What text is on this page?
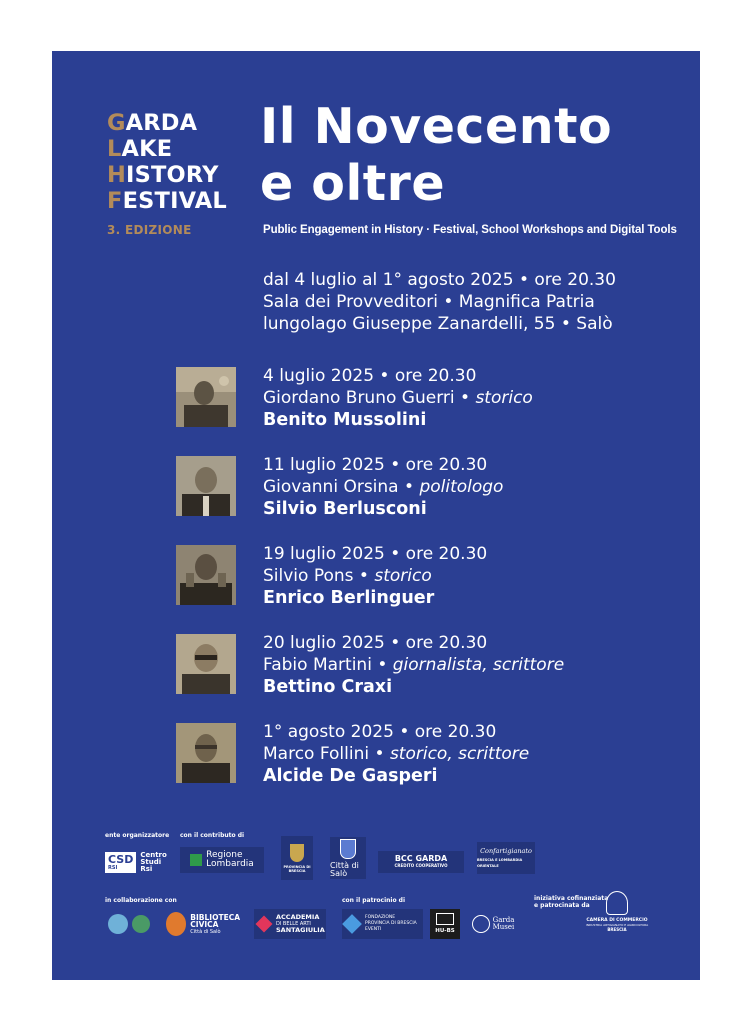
GARDA
LAKE
HISTORY
FESTIVAL
3. EDIZIONE
Il Novecento
e oltre
Public Engagement in History · Festival, School Workshops and Digital Tools
dal 4 luglio al 1° agosto 2025 • ore 20.30
Sala dei Provveditori • Magnifica Patria
lungolago Giuseppe Zanardelli, 55 • Salò
4 luglio 2025 • ore 20.30
Giordano Bruno Guerri • storico
Benito Mussolini
11 luglio 2025 • ore 20.30
Giovanni Orsina • politologo
Silvio Berlusconi
19 luglio 2025 • ore 20.30
Silvio Pons • storico
Enrico Berlinguer
20 luglio 2025 • ore 20.30
Fabio Martini • giornalista, scrittore
Bettino Craxi
1° agosto 2025 • ore 20.30
Marco Follini • storico, scrittore
Alcide De Gasperi
ente organizzatore con il contributo di
CSD
RSI
Centro
Studi
Rsi
Regione
Lombardia	PROVINCIA DI BRESCIA
Città di Salò
BCC GARDA
CREDITO COOPERATIVO
Confartigianato
BRESCIA E LOMBARDIA ORIENTALE
in collaborazione con	con il patrocinio di	iniziativa cofinanziata
e patrocinata da
BIBLIOTECA
CIVICA
Città di Salò
ACCADEMIA
DI BELLE ARTI
SANTAGIULIA
FONDAZIONE
PROVINCIA DI BRESCIA
EVENTI	HU-BS
Garda
Musei
CAMERA DI COMMERCIO
INDUSTRIA ARTIGIANATO E AGRICOLTURA
BRESCIA
